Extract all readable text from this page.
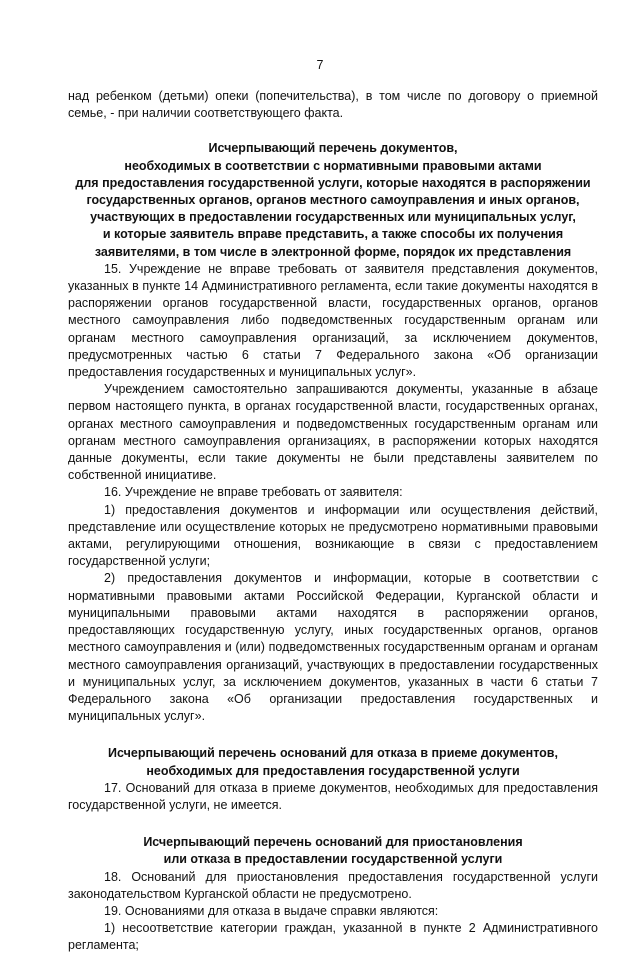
7

над ребенком (детьми) опеки (попечительства), в том числе по договору о приемной семье, - при наличии соответствующего факта.

Исчерпывающий перечень документов,

необходимых в соответствии с нормативными правовыми актами

для предоставления государственной услуги, которые находятся в распоряжении

государственных органов, органов местного самоуправления и иных органов,

участвующих в предоставлении государственных или муниципальных услуг,

и которые заявитель вправе представить, а также способы их получения

заявителями, в том числе в электронной форме, порядок их представления

15. Учреждение не вправе требовать от заявителя представления документов, указанных в пункте 14 Административного регламента, если такие документы находятся в распоряжении органов государственной власти, государственных органов, органов местного самоуправления либо подведомственных государственным органам или органам местного самоуправления организаций, за исключением документов, предусмотренных частью 6 статьи 7 Федерального закона «Об организации предоставления государственных и муниципальных услуг».

Учреждением самостоятельно запрашиваются документы, указанные в абзаце первом настоящего пункта, в органах государственной власти, государственных органах, органах местного самоуправления и подведомственных государственным органам или органам местного самоуправления организациях, в распоряжении которых находятся данные документы, если такие документы не были представлены заявителем по собственной инициативе.

16. Учреждение не вправе требовать от заявителя:

1) предоставления документов и информации или осуществления действий, представление или осуществление которых не предусмотрено нормативными правовыми актами, регулирующими отношения, возникающие в связи с предоставлением государственной услуги;

2) предоставления документов и информации, которые в соответствии с нормативными правовыми актами Российской Федерации, Курганской области и муниципальными правовыми актами находятся в распоряжении органов, предоставляющих государственную услугу, иных государственных органов, органов местного самоуправления и (или) подведомственных государственным органам и органам местного самоуправления организаций, участвующих в предоставлении государственных и муниципальных услуг, за исключением документов, указанных в части 6 статьи 7 Федерального закона «Об организации предоставления государственных и муниципальных услуг».

Исчерпывающий перечень оснований для отказа в приеме документов,

необходимых для предоставления государственной услуги

17. Оснований для отказа в приеме документов, необходимых для предоставления государственной услуги, не имеется.

Исчерпывающий перечень оснований для приостановления

или отказа в предоставлении государственной услуги

18. Оснований для приостановления предоставления государственной услуги законодательством Курганской области не предусмотрено.

19. Основаниями для отказа в выдаче справки являются:

1) несоответствие категории граждан, указанной в пункте 2 Административного регламента;
